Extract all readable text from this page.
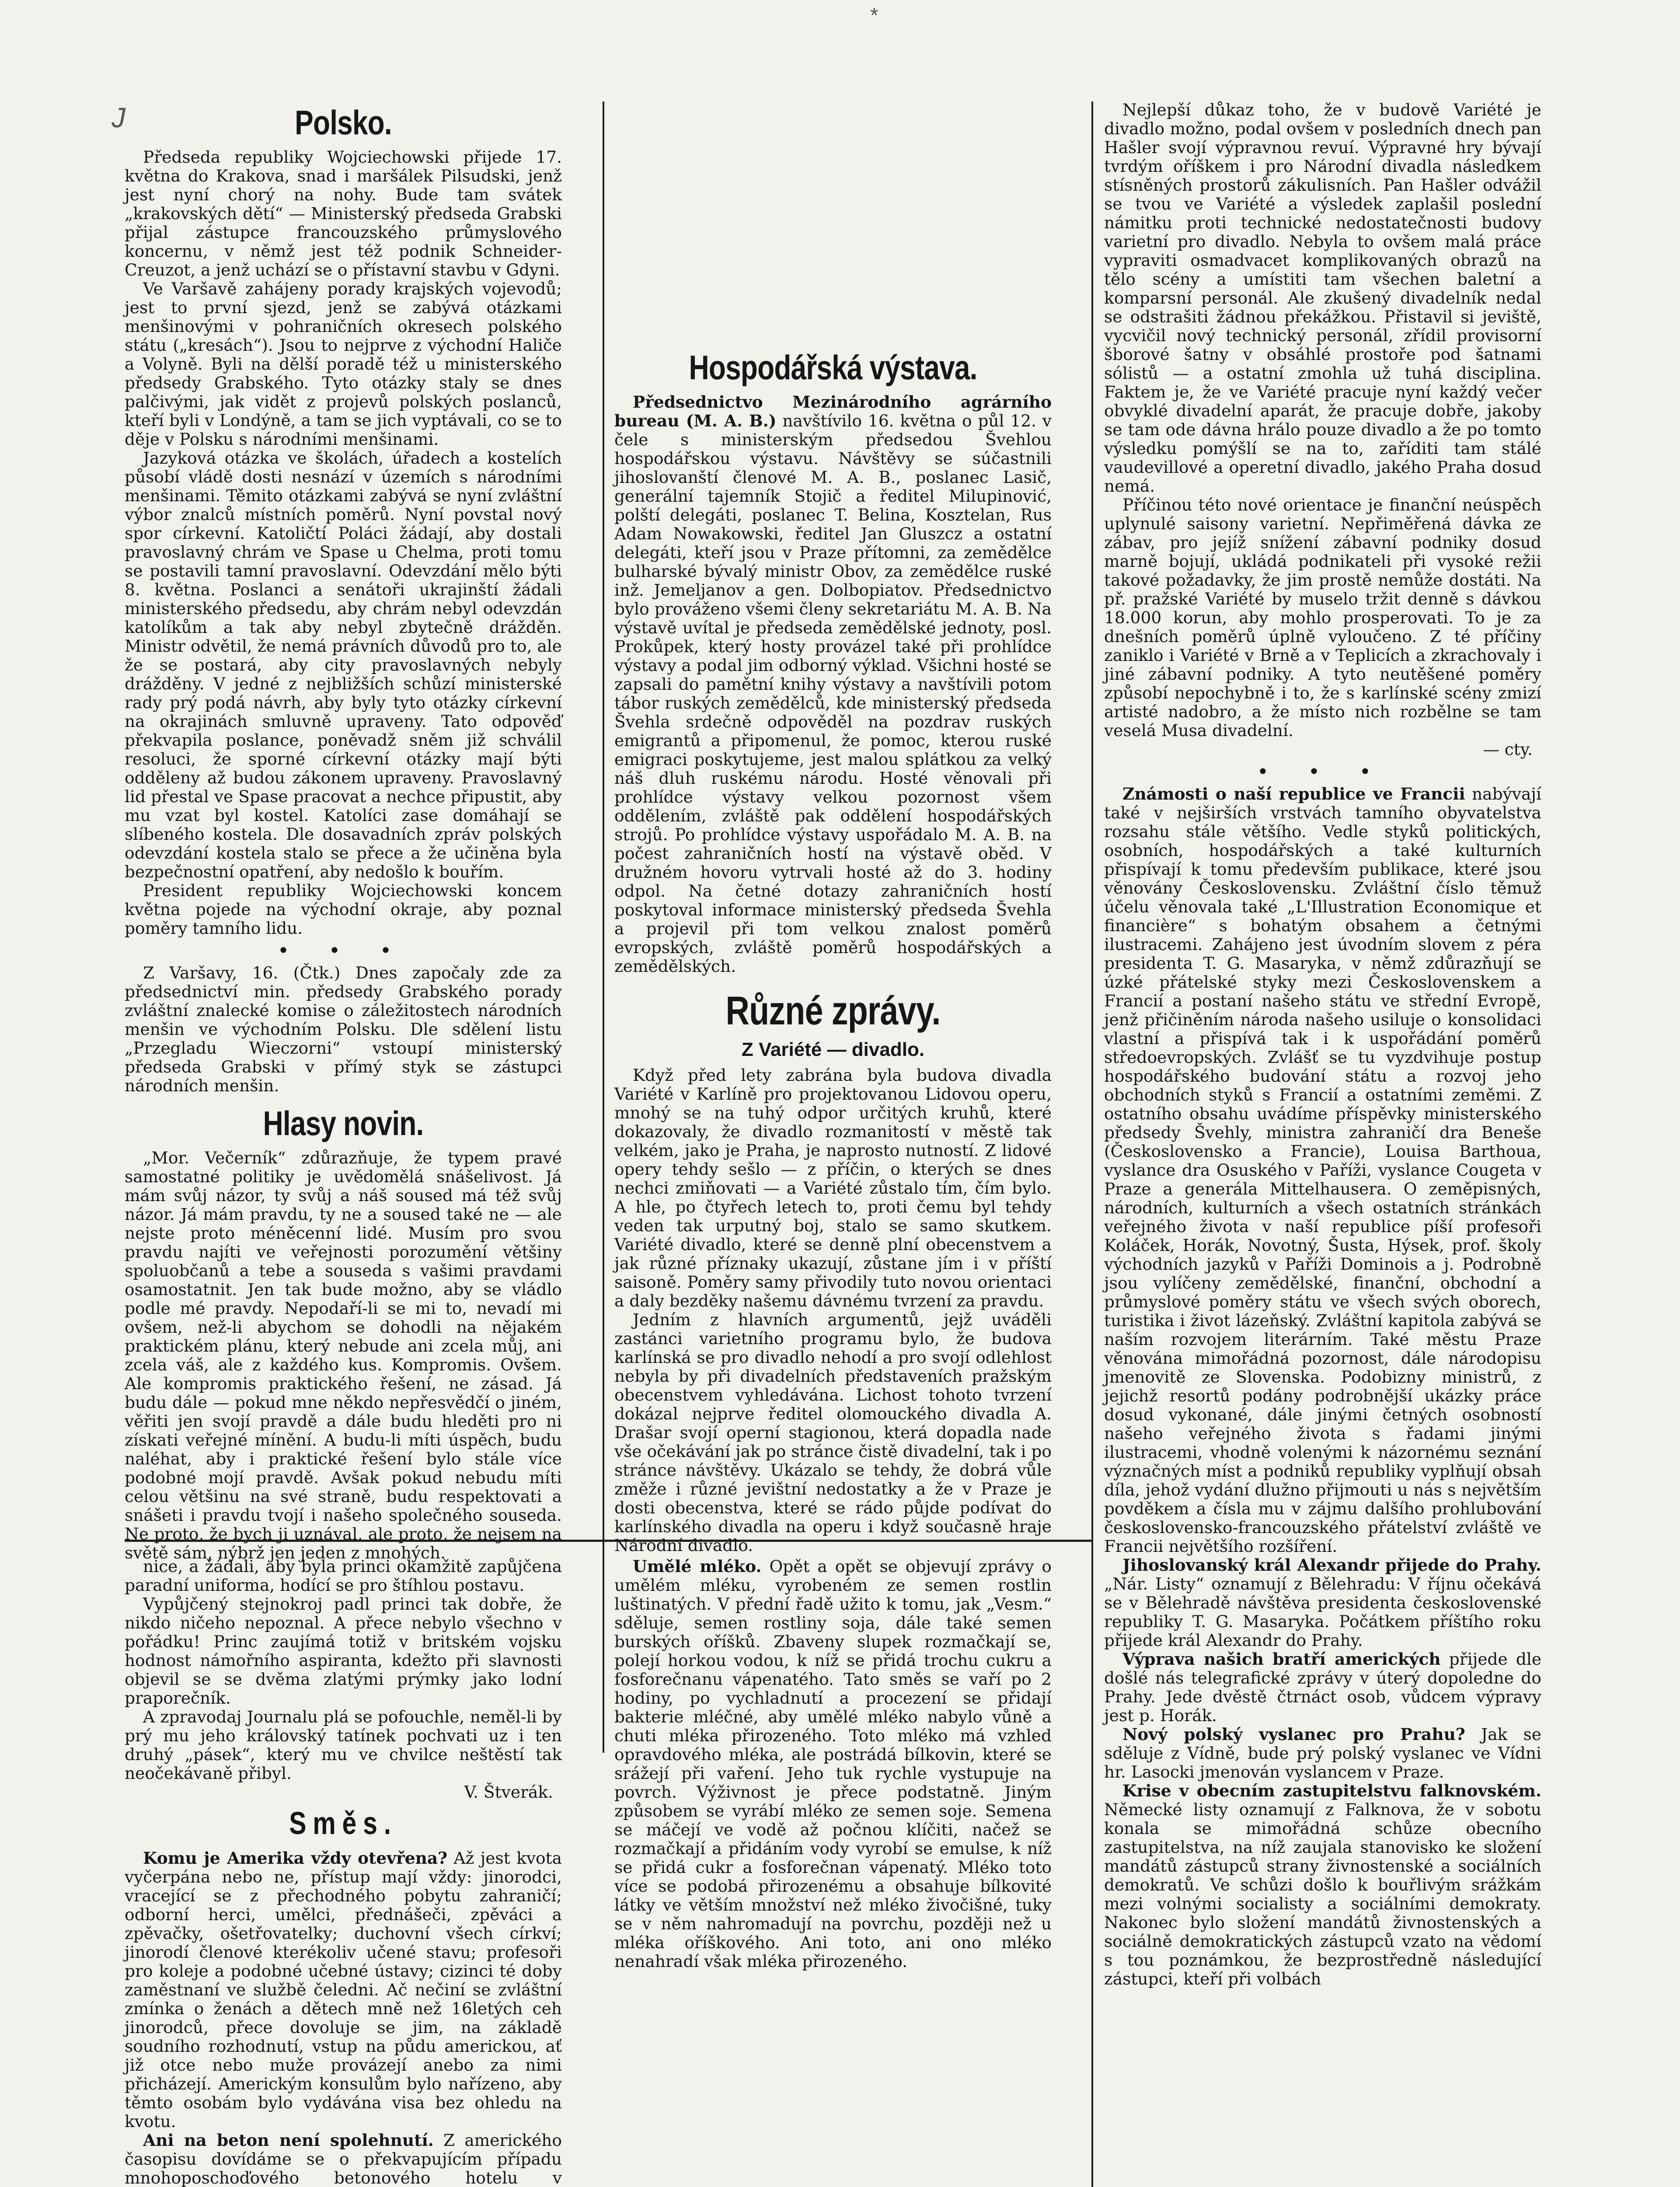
*
J	Polsko.

Předseda republiky Wojciechowski přijede 17. května do Krakova, snad i maršálek Pilsudski, jenž jest nyní chorý na nohy. Bude tam svátek „krakovských dětí“ — Ministerský předseda Grabski přijal zástupce francouzského průmyslového koncernu, v němž jest též podnik Schneider-Creuzot, a jenž uchází se o přístavní stavbu v Gdyni.

Ve Varšavě zahájeny porady krajských vojevodů; jest to první sjezd, jenž se zabývá otázkami menšinovými v pohraničních okresech polského státu („kresách“). Jsou to nejprve z východní Haliče a Volyně. Byli na dělší poradě též u ministerského předsedy Grabského. Tyto otázky staly se dnes palčivými, jak vidět z projevů polských poslanců, kteří byli v Londýně, a tam se jich vyptávali, co se to děje v Polsku s národními menšinami.

Jazyková otázka ve školách, úřadech a kostelích působí vládě dosti nesnází v územích s národními menšinami. Těmito otázkami zabývá se nyní zvláštní výbor znalců místních poměrů. Nyní povstal nový spor církevní. Katoličtí Poláci žádají, aby dostali pravoslavný chrám ve Spase u Chelma, proti tomu se postavili tamní pravoslavní. Odevzdání mělo býti 8. května. Poslanci a senátoři ukrajinští žádali ministerského předsedu, aby chrám nebyl odevzdán katolíkům a tak aby nebyl zbytečně drážděn. Ministr odvětil, že nemá právních důvodů pro to, ale že se postará, aby city pravoslavných nebyly drážděny. V jedné z nejbližších schůzí ministerské rady prý podá návrh, aby byly tyto otázky církevní na okrajinách smluvně upraveny. Tato odpověď překvapila poslance, poněvadž sněm již schválil resoluci, že sporné církevní otázky mají býti odděleny až budou zákonem upraveny. Pravoslavný lid přestal ve Spase pracovat a nechce připustit, aby mu vzat byl kostel. Katolíci zase domáhají se slíbeného kostela. Dle dosavadních zpráv polských odevzdání kostela stalo se přece a že učiněna byla bezpečnostní opatření, aby nedošlo k bouřím.

President republiky Wojciechowski koncem května pojede na východní okraje, aby poznal poměry tamního lidu.

• • •

Z Varšavy, 16. (Čtk.) Dnes započaly zde za předsednictví min. předsedy Grabského porady zvláštní znalecké komise o záležitostech národních menšin ve východním Polsku. Dle sdělení listu „Przegladu Wieczorni“ vstoupí ministerský předseda Grabski v přímý styk se zástupci národních menšin.

Hlasy novin.

„Mor. Večerník“ zdůrazňuje, že typem pravé samostatné politiky je uvědomělá snášelivost. Já mám svůj názor, ty svůj a náš soused má též svůj názor. Já mám pravdu, ty ne a soused také ne — ale nejste proto méněcenní lidé. Musím pro svou pravdu najíti ve veřejnosti porozumění většiny spoluobčanů a tebe a souseda s vašimi pravdami osamostatnit. Jen tak bude možno, aby se vládlo podle mé pravdy. Nepodaří-li se mi to, nevadí mi ovšem, než-li abychom se dohodli na nějakém praktickém plánu, který nebude ani zcela můj, ani zcela váš, ale z každého kus. Kompromis. Ovšem. Ale kompromis praktického řešení, ne zásad. Já budu dále — pokud mne někdo nepřesvědčí o jiném, věřiti jen svojí pravdě a dále budu hleděti pro ni získati veřejné mínění. A budu-li míti úspěch, budu naléhat, aby i praktické řešení bylo stále více podobné mojí pravdě. Avšak pokud nebudu míti celou většinu na své straně, budu respektovati a snášeti i pravdu tvojí i našeho společného souseda. Ne proto, že bych ji uznával, ale proto, že nejsem na světě sám, nýbrž jen jeden z mnohých.

Hospodářská výstava.

Předsednictvo Mezinárodního agrárního bureau (M. A. B.) navštívilo 16. května o půl 12. v čele s ministerským předsedou Švehlou hospodářskou výstavu. Návštěvy se súčastnili jihoslovanští členové M. A. B., poslanec Lasič, generální tajemník Stojič a ředitel Milupinović, polští delegáti, poslanec T. Belina, Kosztelan, Rus Adam Nowakowski, ředitel Jan Gluszcz a ostatní delegáti, kteří jsou v Praze přítomni, za zemědělce bulharské bývalý ministr Obov, za zemědělce ruské inž. Jemeljanov a gen. Dolbopiatov. Předsednictvo bylo prováženo všemi členy sekretariátu M. A. B. Na výstavě uvítal je předseda zemědělské jednoty, posl. Prokůpek, který hosty provázel také při prohlídce výstavy a podal jim odborný výklad. Všichni hosté se zapsali do pamětní knihy výstavy a navštívili potom tábor ruských zemědělců, kde ministerský předseda Švehla srdečně odpověděl na pozdrav ruských emigrantů a připomenul, že pomoc, kterou ruské emigraci poskytujeme, jest malou splátkou za velký náš dluh ruskému národu. Hosté věnovali při prohlídce výstavy velkou pozornost všem oddělením, zvláště pak oddělení hospodářských strojů. Po prohlídce výstavy uspořádalo M. A. B. na počest zahraničních hostí na výstavě oběd. V družném hovoru vytrvali hosté až do 3. hodiny odpol. Na četné dotazy zahraničních hostí poskytoval informace ministerský předseda Švehla a projevil při tom velkou znalost poměrů evropských, zvláště poměrů hospodářských a zemědělských.

Různé zprávy.
Z Variété — divadlo.

Když před lety zabrána byla budova divadla Variété v Karlíně pro projektovanou Lidovou operu, mnohý se na tuhý odpor určitých kruhů, které dokazovaly, že divadlo rozmanitostí v městě tak velkém, jako je Praha, je naprosto nutností. Z lidové opery tehdy sešlo — z příčin, o kterých se dnes nechci zmiňovati — a Variété zůstalo tím, čím bylo. A hle, po čtyřech letech to, proti čemu byl tehdy veden tak urputný boj, stalo se samo skutkem. Variété divadlo, které se denně plní obecenstvem a jak různé příznaky ukazují, zůstane jím i v příští saisoně. Poměry samy přivodily tuto novou orientaci a daly bezděky našemu dávnému tvrzení za pravdu.

Jedním z hlavních argumentů, jejž uváděli zastánci varietního programu bylo, že budova karlínská se pro divadlo nehodí a pro svojí odlehlost nebyla by při divadelních představeních pražským obecenstvem vyhledávána. Lichost tohoto tvrzení dokázal nejprve ředitel olomouckého divadla A. Drašar svojí operní stagionou, která dopadla nade vše očekávání jak po stránce čistě divadelní, tak i po stránce návštěvy. Ukázalo se tehdy, že dobrá vůle změže i různé jevištní nedostatky a že v Praze je dosti obecenstva, které se rádo půjde podívat do karlínského divadla na operu i když současně hraje Národní divadlo.

nice, a žádali, aby byla princi okamžitě zapůjčena paradní uniforma, hodící se pro štíhlou postavu.

Vypůjčený stejnokroj padl princi tak dobře, že nikdo ničeho nepoznal. A přece nebylo všechno v pořádku! Princ zaujímá totiž v britském vojsku hodnost námořního aspiranta, kdežto při slavnosti objevil se se dvěma zlatými prýmky jako lodní praporečník.

A zpravodaj Journalu plá se pofouchle, neměl-li by prý mu jeho královský tatínek pochvati uz i ten druhý „pásek“, který mu ve chvilce neštěstí tak neočekávaně přibyl.

V. Štverák.
Směs.

Komu je Amerika vždy otevřena? Až jest kvota vyčerpána nebo ne, přístup mají vždy: jinorodci, vracející se z přechodného pobytu zahraničí; odborní herci, umělci, přednášeči, zpěváci a zpěvačky, ošetřovatelky; duchovní všech církví; jinorodí členové kterékoliv učené stavu; profesoři pro koleje a podobné učebné ústavy; cizinci té doby zaměstnaní ve službě čeledni. Ač nečiní se zvláštní zmínka o ženách a dětech mně než 16letých ceh jinorodců, přece dovoluje se jim, na základě soudního rozhodnutí, vstup na půdu americkou, ať již otce nebo muže provázejí anebo za nimi přicházejí. Americkým konsulům bylo nařízeno, aby těmto osobám bylo vydávána visa bez ohledu na kvotu.

Ani na beton není spolehnutí. Z amerického časopisu dovídáme se o překvapujícím případu mnohoposchoďového betonového hotelu v

Umělé mléko. Opět a opět se objevují zprávy o umělém mléku, vyrobeném ze semen rostlin luštinatých. V přední řadě užito k tomu, jak „Vesm.“ sděluje, semen rostliny soja, dále také semen burských oříšků. Zbaveny slupek rozmačkají se, polejí horkou vodou, k níž se přidá trochu cukru a fosforečnanu vápenatého. Tato směs se vaří po 2 hodiny, po vychladnutí a procezení se přidají bakterie mléčné, aby umělé mléko nabylo vůně a chuti mléka přirozeného. Toto mléko má vzhled opravdového mléka, ale postrádá bílkovin, které se srážejí při vaření. Jeho tuk rychle vystupuje na povrch. Výživnost je přece podstatně. Jiným způsobem se vyrábí mléko ze semen soje. Semena se máčejí ve vodě až počnou klíčiti, načež se rozmačkají a přidáním vody vyrobí se emulse, k níž se přidá cukr a fosforečnan vápenatý. Mléko toto více se podobá přirozenému a obsahuje bílkovité látky ve větším množství než mléko živočišné, tuky se v něm nahromadují na povrchu, později než u mléka oříškového. Ani toto, ani ono mléko nenahradí však mléka přirozeného.

Nejlepší důkaz toho, že v budově Variété je divadlo možno, podal ovšem v posledních dnech pan Hašler svojí výpravnou revuí. Výpravné hry bývají tvrdým oříškem i pro Národní divadla následkem stísněných prostorů zákulisních. Pan Hašler odvážil se tvou ve Variété a výsledek zaplašil poslední námitku proti technické nedostatečnosti budovy varietní pro divadlo. Nebyla to ovšem malá práce vypraviti osmadvacet komplikovaných obrazů na tělo scény a umístiti tam všechen baletní a komparsní personál. Ale zkušený divadelník nedal se odstrašiti žádnou překážkou. Přistavil si jeviště, vycvičil nový technický personál, zřídil provisorní šborové šatny v obsáhlé prostoře pod šatnami sólistů — a ostatní zmohla už tuhá disciplina. Faktem je, že ve Variété pracuje nyní každý večer obvyklé divadelní aparát, že pracuje dobře, jakoby se tam ode dávna hrálo pouze divadlo a že po tomto výsledku pomýšlí se na to, zaříditi tam stálé vaudevillové a operetní divadlo, jakého Praha dosud nemá.

Příčinou této nové orientace je finanční neúspěch uplynulé saisony varietní. Nepřiměřená dávka ze zábav, pro jejíž snížení zábavní podniky dosud marně bojují, ukládá podnikateli při vysoké režii takové požadavky, že jim prostě nemůže dostáti. Na př. pražské Variété by muselo tržit denně s dávkou 18.000 korun, aby mohlo prosperovati. To je za dnešních poměrů úplně vyloučeno. Z té příčiny zaniklo i Variété v Brně a v Teplicích a zkrachovaly i jiné zábavní podniky. A tyto neutěšené poměry způsobí nepochybně i to, že s karlínské scény zmizí artisté nadobro, a že místo nich rozbělne se tam veselá Musa divadelní.

— cty.
• • •

Známosti o naší republice ve Francii nabývají také v nejširších vrstvách tamního obyvatelstva rozsahu stále většího. Vedle styků politických, osobních, hospodářských a také kulturních přispívají k tomu především publikace, které jsou věnovány Československu. Zvláštní číslo těmuž účelu věnovala také „L'Illustration Economique et financière“ s bohatým obsahem a četnými ilustracemi. Zahájeno jest úvodním slovem z péra presidenta T. G. Masaryka, v němž zdůrazňují se úzké přátelské styky mezi Československem a Francií a postaní našeho státu ve střední Evropě, jenž přičiněním národa našeho usiluje o konsolidaci vlastní a přispívá tak i k uspořádání poměrů středoevropských. Zvlášť se tu vyzdvihuje postup hospodářského budování státu a rozvoj jeho obchodních styků s Francií a ostatními zeměmi. Z ostatního obsahu uvádíme příspěvky ministerského předsedy Švehly, ministra zahraničí dra Beneše (Československo a Francie), Louisa Barthoua, vyslance dra Osuského v Paříži, vyslance Cougeta v Praze a generála Mittelhausera. O zeměpisných, národních, kulturních a všech ostatních stránkách veřejného života v naší republice píší profesoři Koláček, Horák, Novotný, Šusta, Hýsek, prof. školy východních jazyků v Paříži Dominois a j. Podrobně jsou vylíčeny zemědělské, finanční, obchodní a průmyslové poměry státu ve všech svých oborech, turistika i život lázeňský. Zvláštní kapitola zabývá se naším rozvojem literárním. Také městu Praze věnována mimořádná pozornost, dále národopisu jmenovitě ze Slovenska. Podobizny ministrů, z jejichž resortů podány podrobnější ukázky práce dosud vykonané, dále jinými četných osobností našeho veřejného života s řadami jinými ilustracemi, vhodně volenými k názornému seznání význačných míst a podniků republiky vyplňují obsah díla, jehož vydání dlužno přijmouti u nás s největším povděkem a čísla mu v zájmu dalšího prohlubování československo-francouzského přátelství zvláště ve Francii největšího rozšíření.

Jihoslovanský král Alexandr přijede do Prahy. „Nár. Listy“ oznamují z Bělehradu: V říjnu očekává se v Bělehradě návštěva presidenta československé republiky T. G. Masaryka. Počátkem příštího roku přijede král Alexandr do Prahy.

Výprava našich bratří amerických přijede dle došlé nás telegrafické zprávy v úterý dopoledne do Prahy. Jede dvěstě čtrnáct osob, vůdcem výpravy jest p. Horák.

Nový polský vyslanec pro Prahu? Jak se sděluje z Vídně, bude prý polský vyslanec ve Vídni hr. Lasocki jmenován vyslancem v Praze.

Krise v obecním zastupitelstvu falknovském. Německé listy oznamují z Falknova, že v sobotu konala se mimořádná schůze obecního zastupitelstva, na níž zaujala stanovisko ke složení mandátů zástupců strany živnostenské a sociálních demokratů. Ve schůzi došlo k bouřlivým srážkám mezi volnými socialisty a sociálními demokraty. Nakonec bylo složení mandátů živnostenských a sociálně demokratických zástupců vzato na vědomí s tou poznámkou, že bezprostředně následující zástupci, kteří při volbách
